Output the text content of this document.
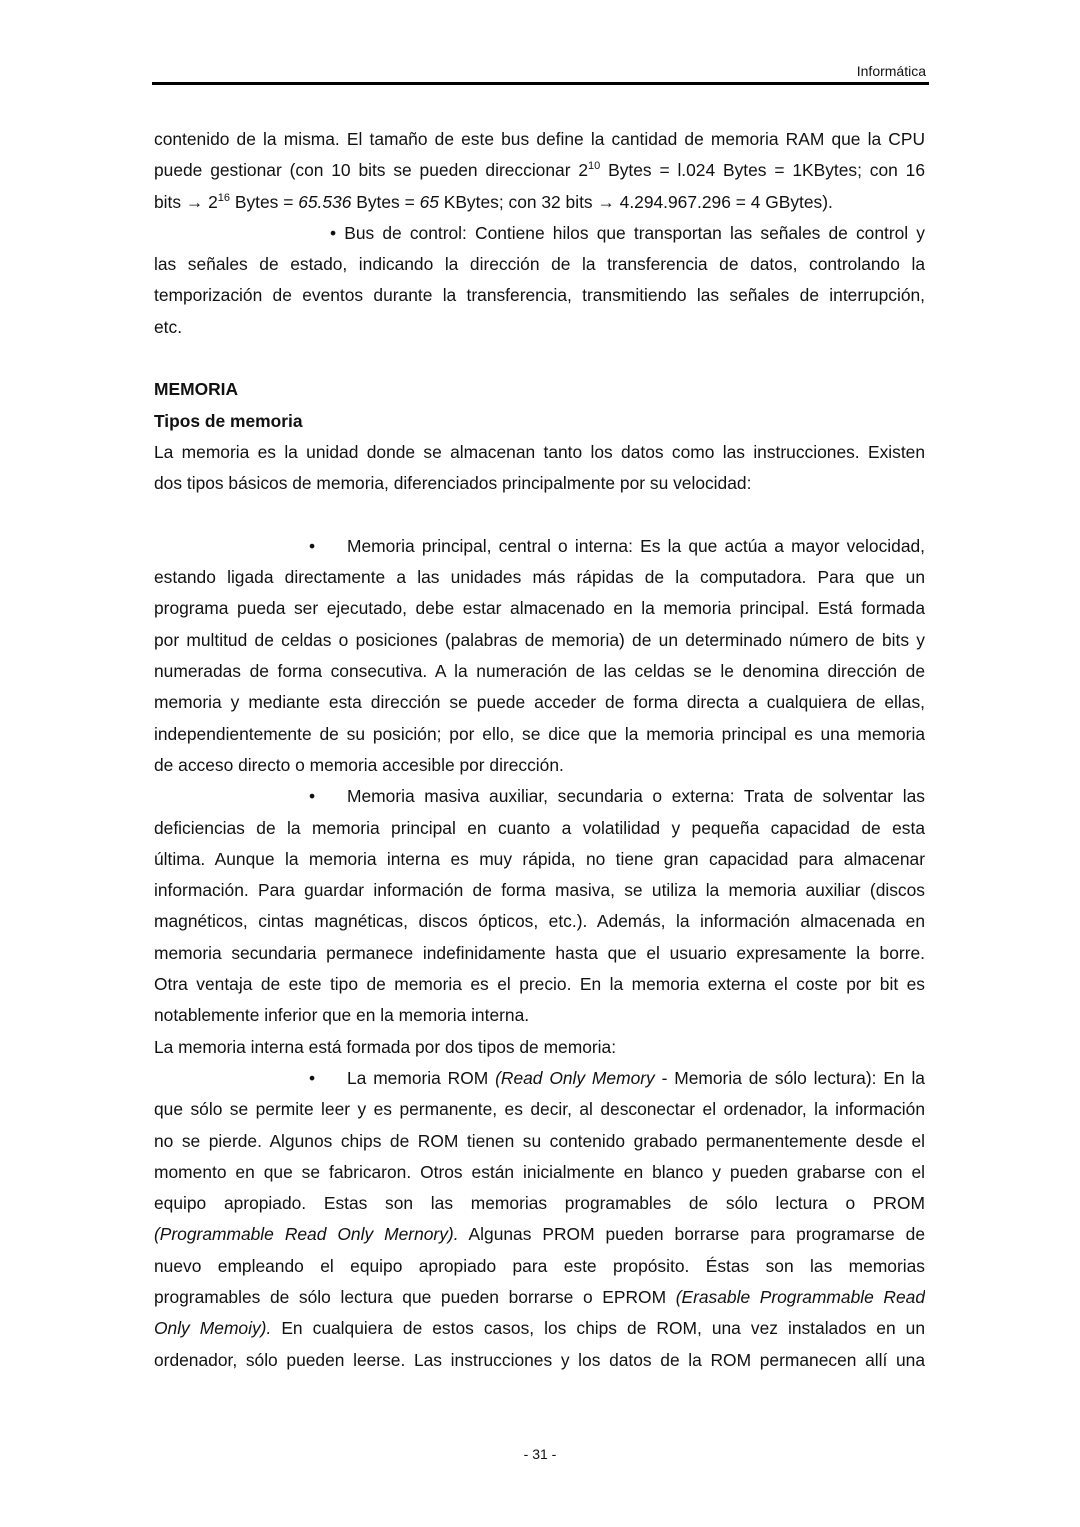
Informática
contenido de la misma. El tamaño de este bus define la cantidad de memoria RAM que la CPU
puede gestionar (con 10 bits se pueden direccionar $2^{10}$ Bytes = l.024 Bytes = 1KBytes; con 16
bits → $2^{16}$ Bytes = 65.536 Bytes = 65 KBytes; con 32 bits → 4.294.967.296 = 4 GBytes).
• Bus de control: Contiene hilos que transportan las señales de control y
las señales de estado, indicando la dirección de la transferencia de datos, controlando la
temporización de eventos durante la transferencia, transmitiendo las señales de interrupción,
etc.
MEMORIA
Tipos de memoria
La memoria es la unidad donde se almacenan tanto los datos como las instrucciones. Existen
dos tipos básicos de memoria, diferenciados principalmente por su velocidad:
• Memoria principal, central o interna: Es la que actúa a mayor velocidad,
estando ligada directamente a las unidades más rápidas de la computadora. Para que un
programa pueda ser ejecutado, debe estar almacenado en la memoria principal. Está formada
por multitud de celdas o posiciones (palabras de memoria) de un determinado número de bits y
numeradas de forma consecutiva. A la numeración de las celdas se le denomina dirección de
memoria y mediante esta dirección se puede acceder de forma directa a cualquiera de ellas,
independientemente de su posición; por ello, se dice que la memoria principal es una memoria
de acceso directo o memoria accesible por dirección.
• Memoria masiva auxiliar, secundaria o externa: Trata de solventar las
deficiencias de la memoria principal en cuanto a volatilidad y pequeña capacidad de esta
última. Aunque la memoria interna es muy rápida, no tiene gran capacidad para almacenar
información. Para guardar información de forma masiva, se utiliza la memoria auxiliar (discos
magnéticos, cintas magnéticas, discos ópticos, etc.). Además, la información almacenada en
memoria secundaria permanece indefinidamente hasta que el usuario expresamente la borre.
Otra ventaja de este tipo de memoria es el precio. En la memoria externa el coste por bit es
notablemente inferior que en la memoria interna.
La memoria interna está formada por dos tipos de memoria:
• La memoria ROM (Read Only Memory - Memoria de sólo lectura): En la
que sólo se permite leer y es permanente, es decir, al desconectar el ordenador, la información
no se pierde. Algunos chips de ROM tienen su contenido grabado permanentemente desde el
momento en que se fabricaron. Otros están inicialmente en blanco y pueden grabarse con el
equipo apropiado. Estas son las memorias programables de sólo lectura o PROM
(Programmable Read Only Mernory). Algunas PROM pueden borrarse para programarse de
nuevo empleando el equipo apropiado para este propósito. Éstas son las memorias
programables de sólo lectura que pueden borrarse o EPROM (Erasable Programmable Read
Only Memoiy). En cualquiera de estos casos, los chips de ROM, una vez instalados en un
ordenador, sólo pueden leerse. Las instrucciones y los datos de la ROM permanecen allí una
- 31 -
